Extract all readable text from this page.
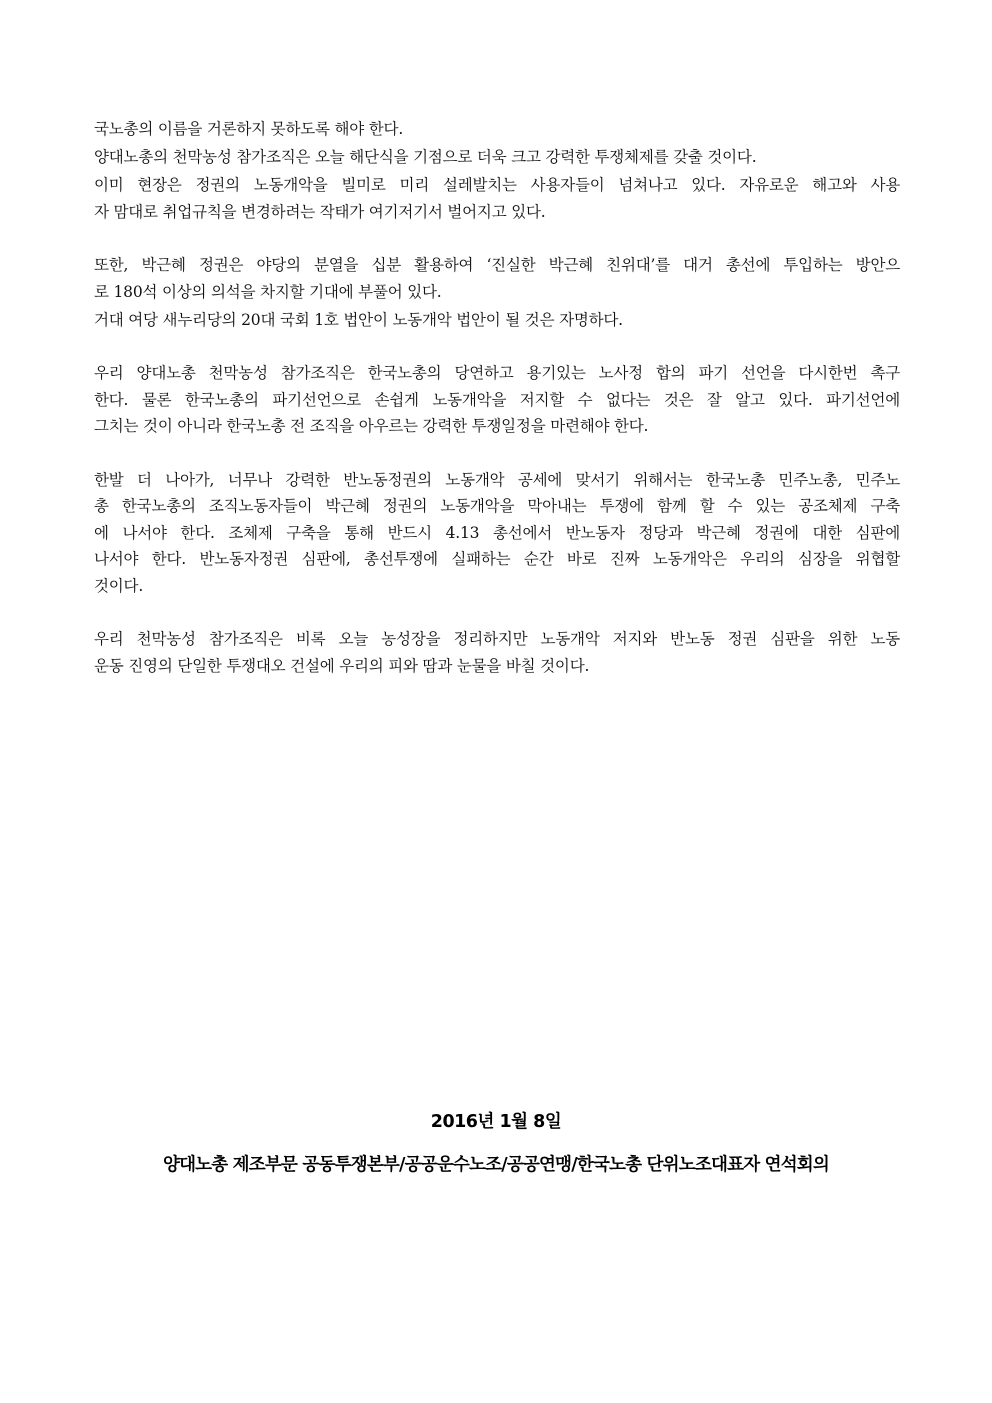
국노총의 이름을 거론하지 못하도록 해야 한다.

양대노총의 천막농성 참가조직은 오늘 해단식을 기점으로 더욱 크고 강력한 투쟁체제를 갖출 것이다.

이미 현장은 정권의 노동개악을 빌미로 미리 설레발치는 사용자들이 넘쳐나고 있다. 자유로운 해고와 사용
자 맘대로 취업규칙을 변경하려는 작태가 여기저기서 벌어지고 있다.

또한, 박근혜 정권은 야당의 분열을 십분 활용하여 ‘진실한 박근혜 친위대’를 대거 총선에 투입하는 방안으
로 180석 이상의 의석을 차지할 기대에 부풀어 있다.

거대 여당 새누리당의 20대 국회 1호 법안이 노동개악 법안이 될 것은 자명하다.

우리 양대노총 천막농성 참가조직은 한국노총의 당연하고 용기있는 노사정 합의 파기 선언을 다시한번 촉구
한다. 물론 한국노총의 파기선언으로 손쉽게 노동개악을 저지할 수 없다는 것은 잘 알고 있다. 파기선언에
그치는 것이 아니라 한국노총 전 조직을 아우르는 강력한 투쟁일정을 마련해야 한다.

한발 더 나아가, 너무나 강력한 반노동정권의 노동개악 공세에 맞서기 위해서는 한국노총 민주노총, 민주노
총 한국노총의 조직노동자들이 박근혜 정권의 노동개악을 막아내는 투쟁에 함께 할 수 있는 공조체제 구축
에 나서야 한다. 조체제 구축을 통해 반드시 4.13 총선에서 반노동자 정당과 박근혜 정권에 대한 심판에
나서야 한다. 반노동자정권 심판에, 총선투쟁에 실패하는 순간 바로 진짜 노동개악은 우리의 심장을 위협할
것이다.

우리 천막농성 참가조직은 비록 오늘 농성장을 정리하지만 노동개악 저지와 반노동 정권 심판을 위한 노동
운동 진영의 단일한 투쟁대오 건설에 우리의 피와 땀과 눈물을 바칠 것이다.

2016년 1월 8일
양대노총 제조부문 공동투쟁본부/공공운수노조/공공연맹/한국노총 단위노조대표자 연석회의
